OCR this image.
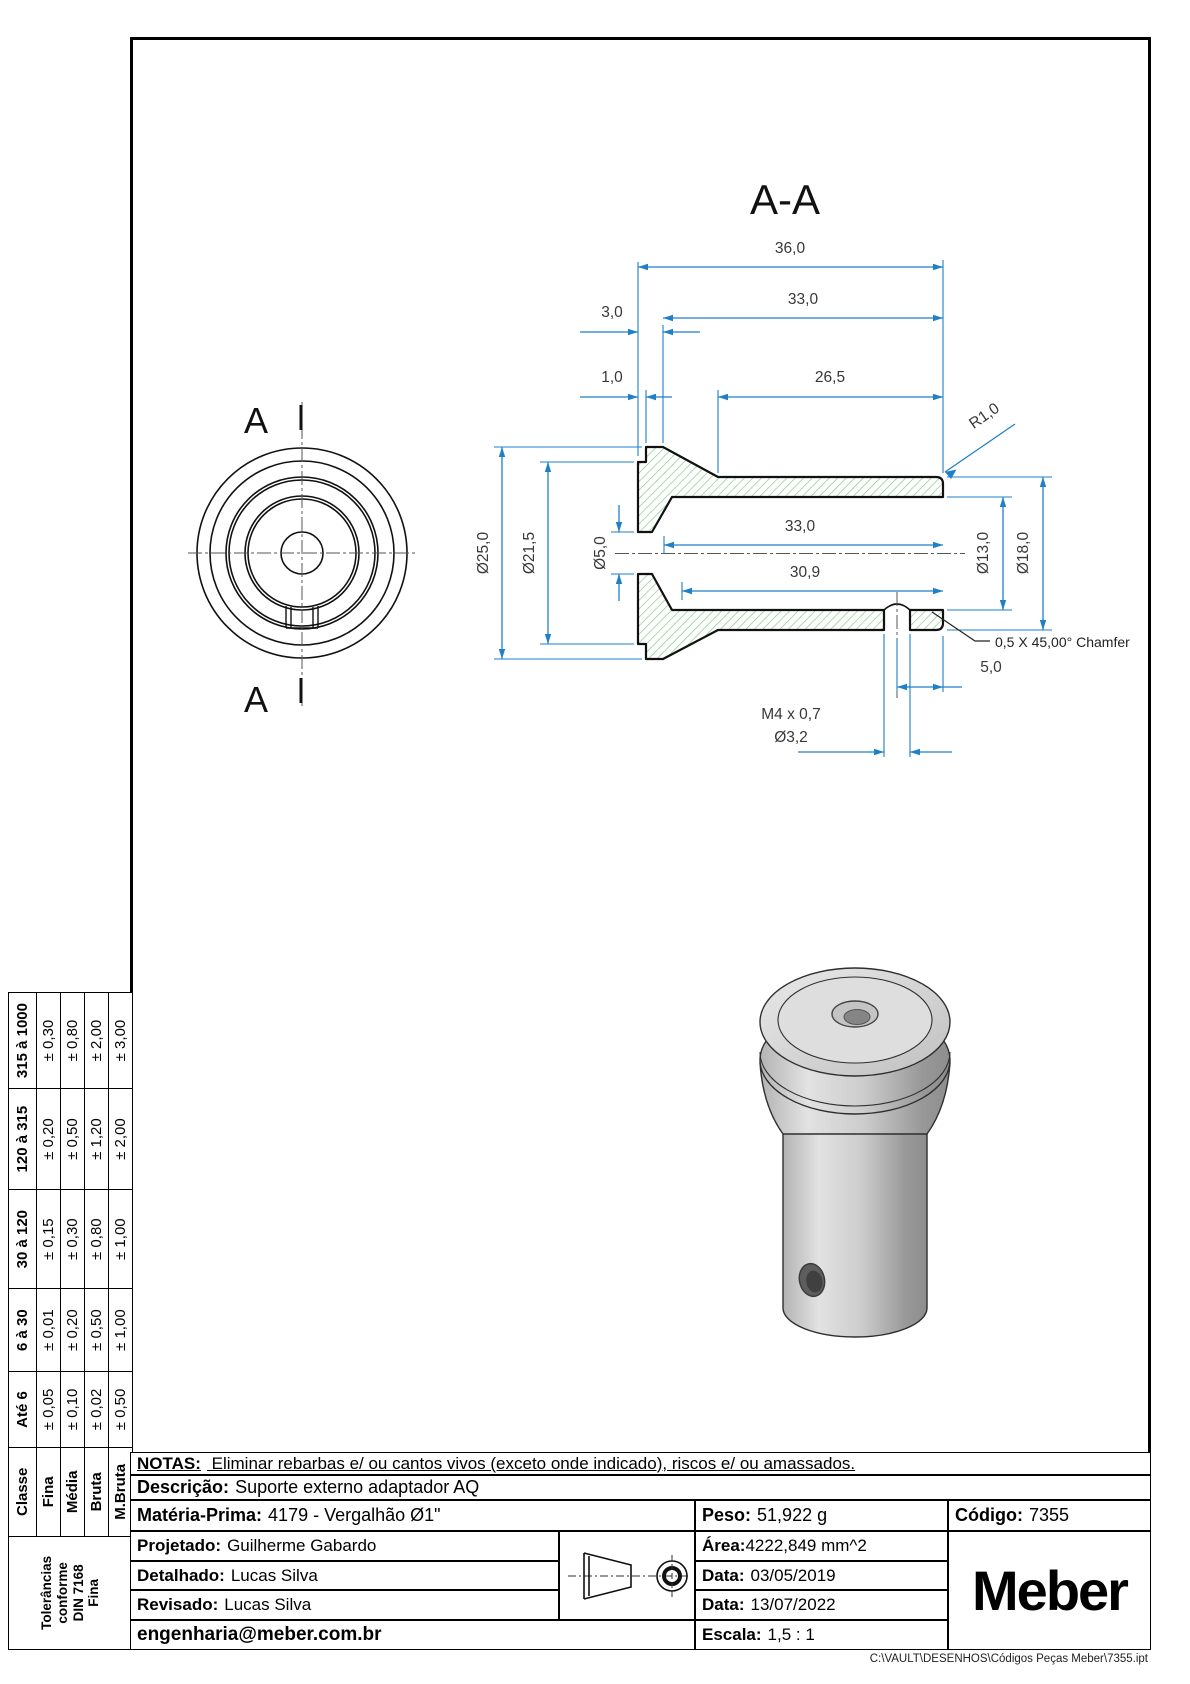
A
A
A-A
36,0
33,0
3,0
1,0	26,5
Ø25,0 Ø21,5	Ø5,0
33,0
30,9	Ø13,0 Ø18,0
R1,0
5,0
M4 x 0,7
Ø3,2
0,5 X 45,00° Chamfer
Tolerâncias conforme DIN 7168 Fina	Classe	Até 6	6 à 30	30 à 120	120 à 315	315 à 1000
	Fina	± 0,05	± 0,01	± 0,15	± 0,20	± 0,30
	Média	± 0,10	± 0,20	± 0,30	± 0,50	± 0,80
	Bruta	± 0,02	± 0,50	± 0,80	± 1,20	± 2,00
	M.Bruta	± 0,50	± 1,00	± 1,00	± 2,00	± 3,00
NOTAS: Eliminar rebarbas e/ ou cantos vivos (exceto onde indicado), riscos e/ ou amassados.
Descrição: Suporte externo adaptador AQ
Matéria-Prima: 4179 - Vergalhão Ø1"	Peso: 51,922 g	Código: 7355
Projetado: Guilherme Gabardo	Área: 4222,849 mm^2
Meber
Detalhado: Lucas Silva	Data: 03/05/2019
Revisado: Lucas Silva	Data: 13/07/2022
engenharia@meber.com.br	Escala: 1,5 : 1
C:\VAULT\DESENHOS\Códigos Peças Meber\7355.ipt
